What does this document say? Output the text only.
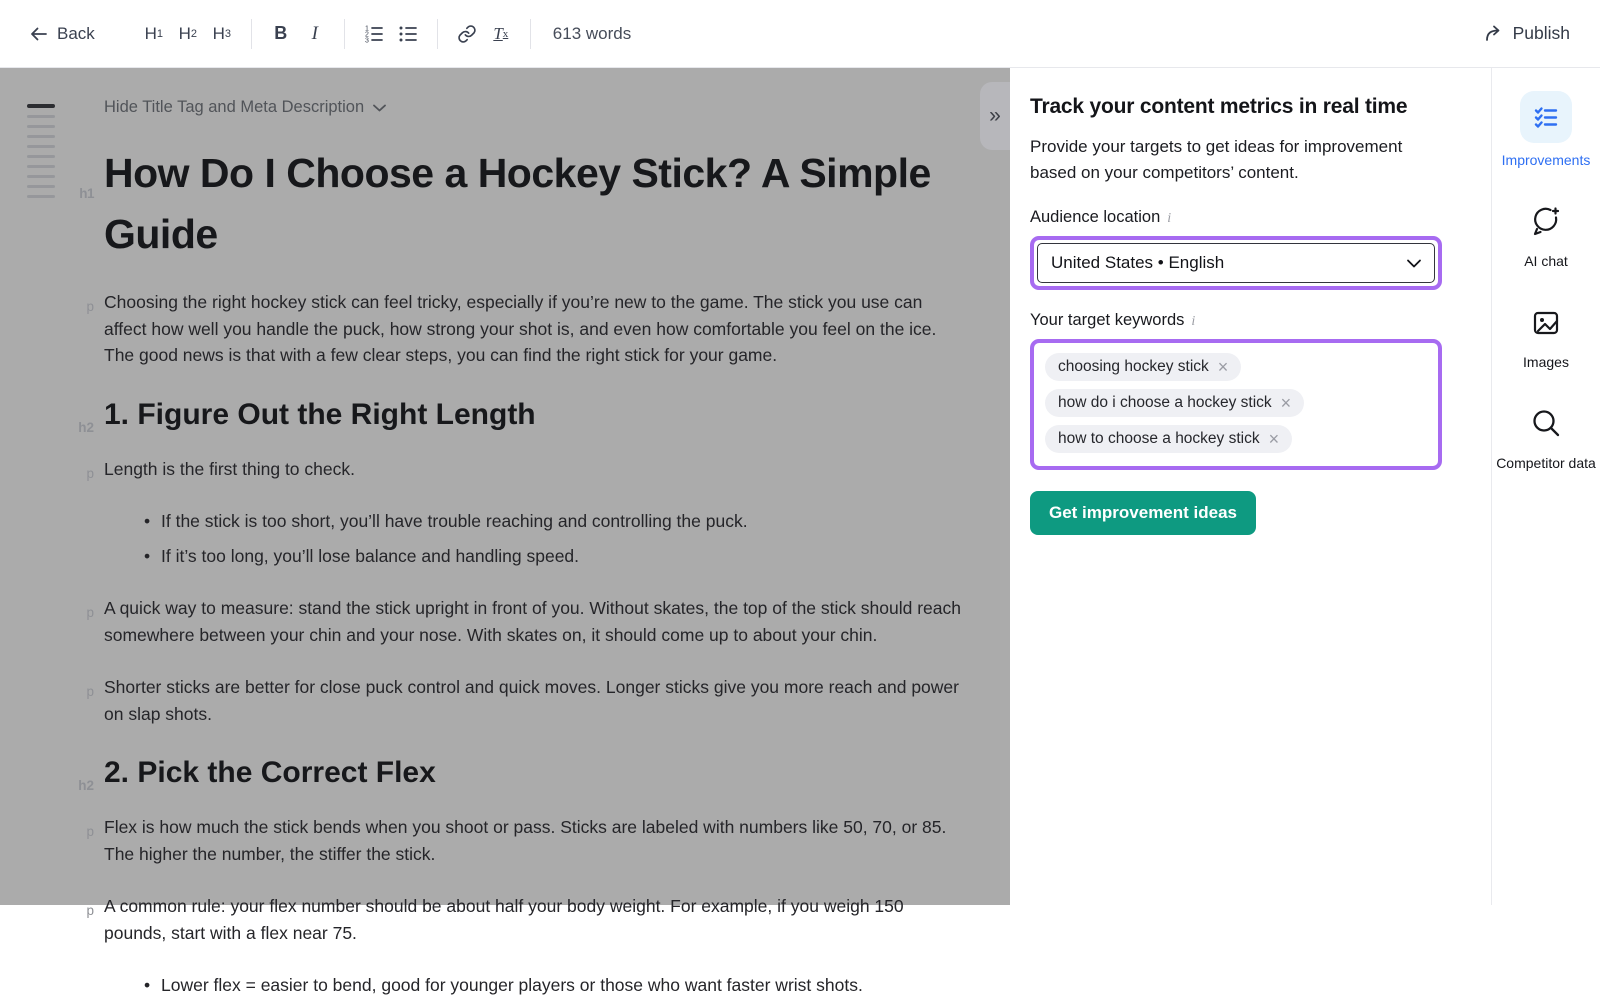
Back	H 1 H 2 H 3 B I	1
2
3	T x	613 words	Publish
Hide Title Tag and Meta Description
h1 How Do I Choose a Hockey Stick? A Simple Guide

p Choosing the right hockey stick can feel tricky, especially if you’re new to the game. The stick you use can affect how well you handle the puck, how strong your shot is, and even how comfortable you feel on the ice. The good news is that with a few clear steps, you can find the right stick for your game.

h2 1. Figure Out the Right Length

p Length is the first thing to check.

• If the stick is too short, you’ll have trouble reaching and controlling the puck.
• If it’s too long, you’ll lose balance and handling speed.

p A quick way to measure: stand the stick upright in front of you. Without skates, the top of the stick should reach somewhere between your chin and your nose. With skates on, it should come up to about your chin.

p Shorter sticks are better for close puck control and quick moves. Longer sticks give you more reach and power on slap shots.

h2 2. Pick the Correct Flex

p Flex is how much the stick bends when you shoot or pass. Sticks are labeled with numbers like 50, 70, or 85. The higher the number, the stiffer the stick.

p A common rule: your flex number should be about half your body weight. For example, if you weigh 150 pounds, start with a flex near 75.

• Lower flex = easier to bend, good for younger players or those who want faster wrist shots.
» Track your content metrics in real time
Provide your targets to get ideas for improvement based on your competitors’ content.
Audience location i
United States • English
Your target keywords i
choosing hockey stick ×
how do i choose a hockey stick ×
how to choose a hockey stick ×
Get improvement ideas
Improvements
AI chat
Images
Competitor data
